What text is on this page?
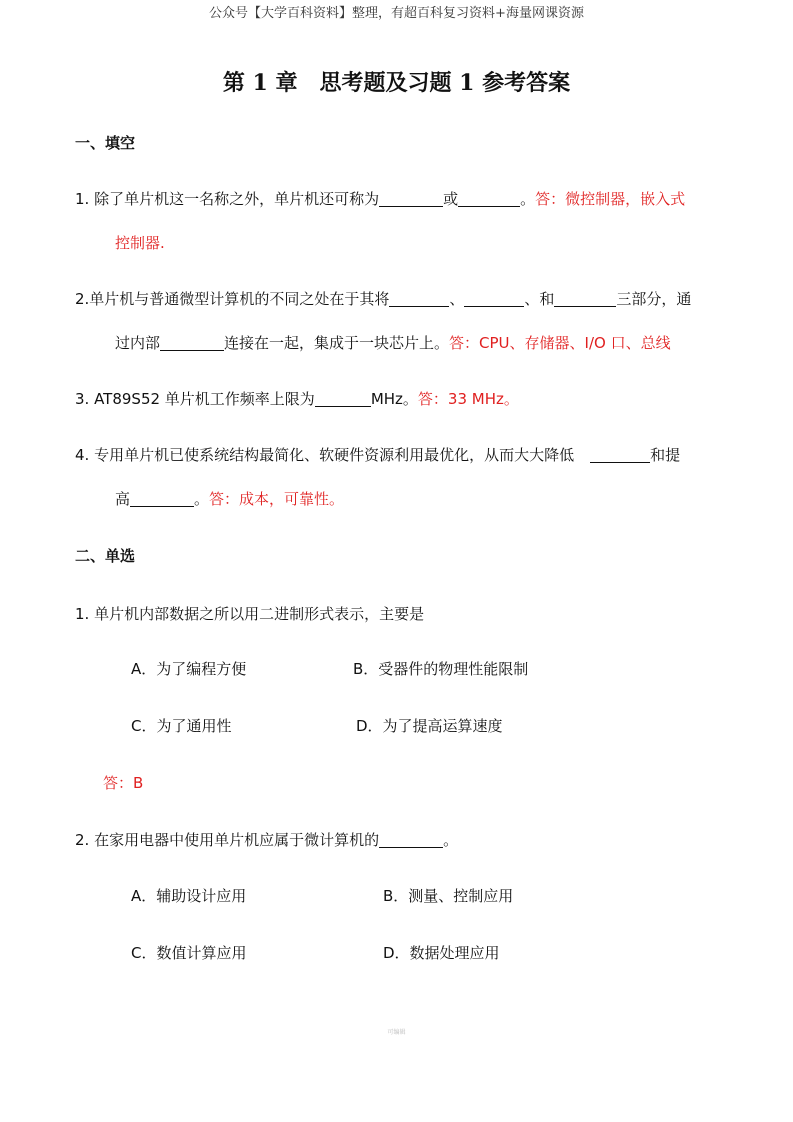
公众号【大学百科资料】整理，有超百科复习资料+海量网课资源
第 1 章　思考题及习题 1 参考答案
一、填空
1. 除了单片机这一名称之外，单片机还可称为	或	。答：微控制器，嵌入式
控制器.
2.单片机与普通微型计算机的不同之处在于其将	、	、和	三部分，通
过内部	连接在一起，集成于一块芯片上。答：CPU、存储器、I/O 口、总线
3. AT89S52 单片机工作频率上限为	MHz。答：33 MHz。
4. 专用单片机已使系统结构最简化、软硬件资源利用最优化，从而大大降低	和提
高	。答：成本，可靠性。
二、单选
1. 单片机内部数据之所以用二进制形式表示，主要是
A．为了编程方便	B．受器件的物理性能限制
C．为了通用性	D．为了提高运算速度
答：B
2. 在家用电器中使用单片机应属于微计算机的	。
A．辅助设计应用	B．测量、控制应用
C．数值计算应用	D．数据处理应用
可编辑
